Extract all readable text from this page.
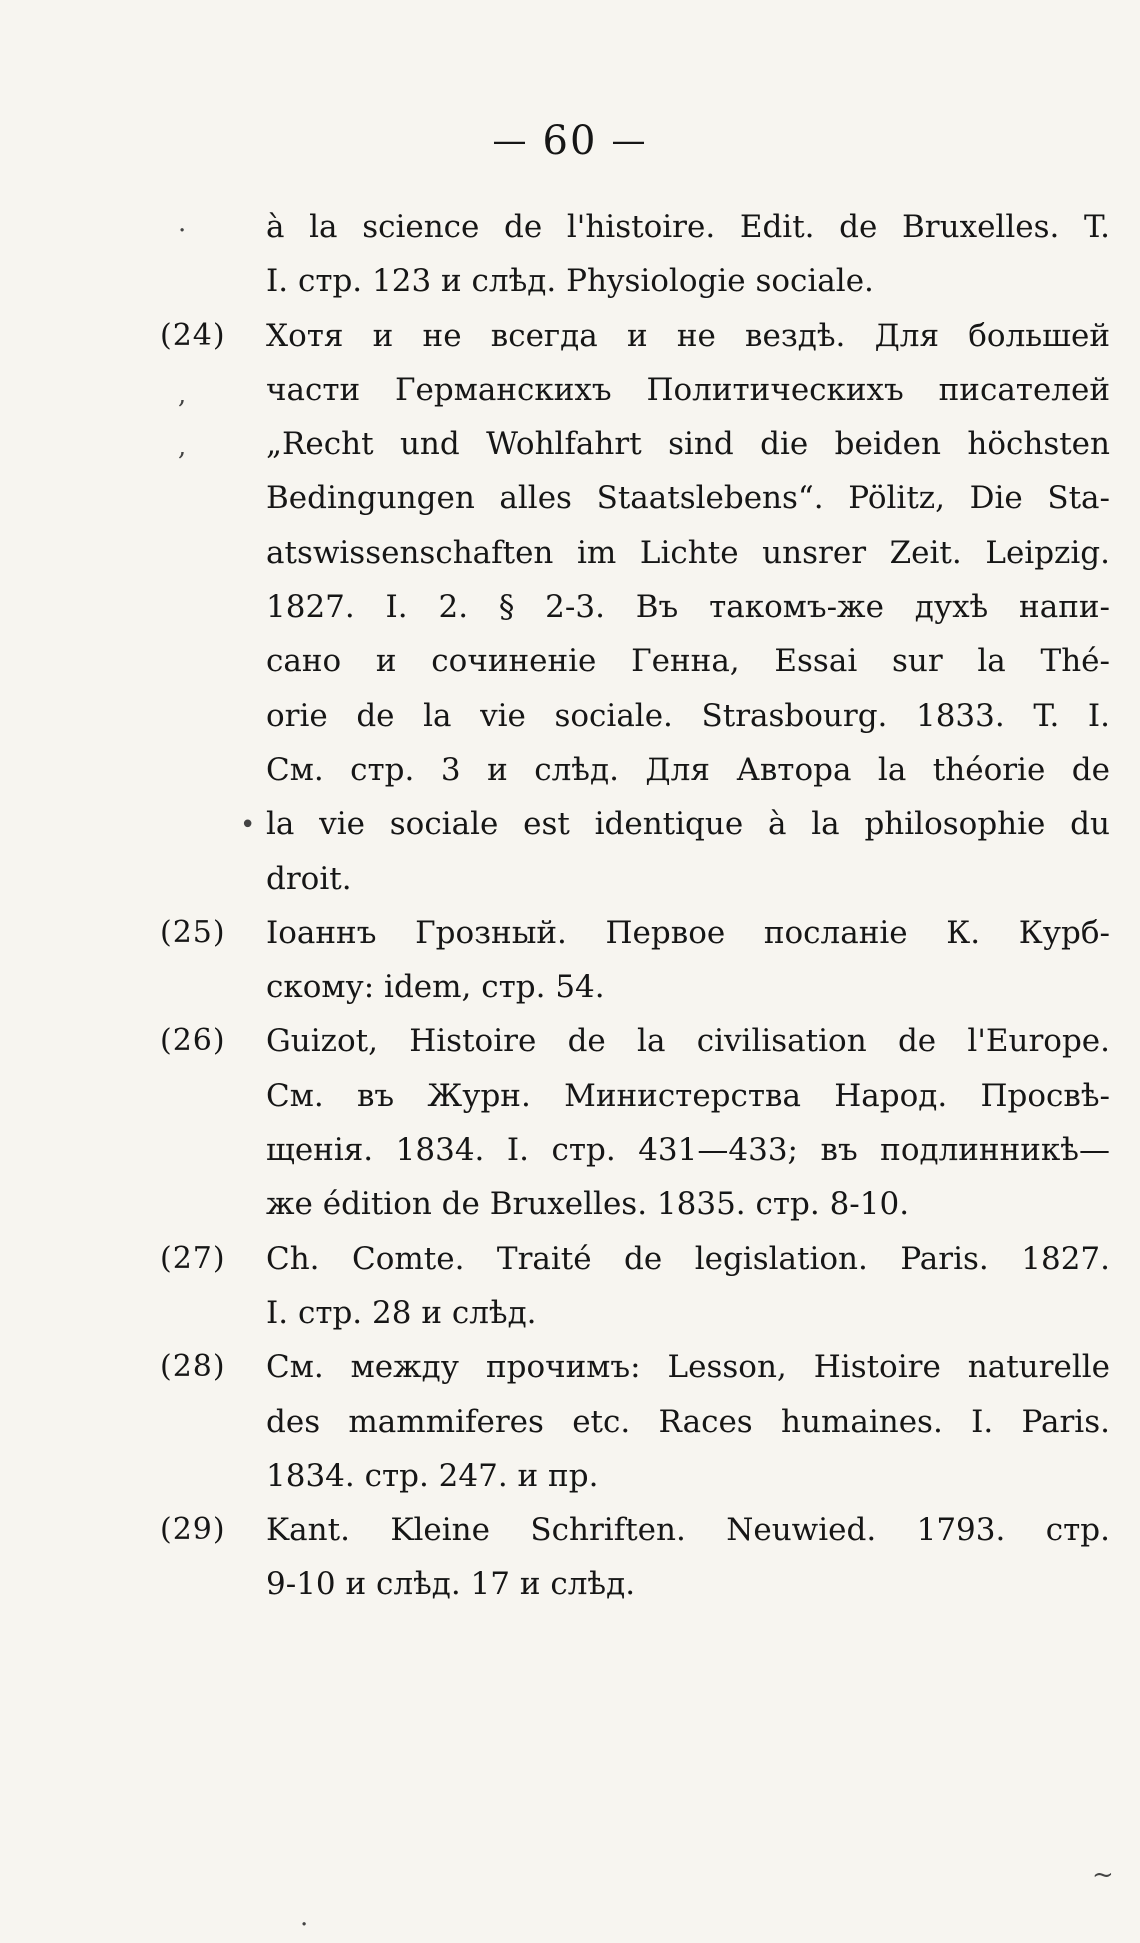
— 60 —
à la science de l'histoire. Edit. de Bruxelles. T.
I. стр. 123 и слѣд. Physiologie sociale.
(24)	Хотя и не всегда и не вездѣ. Для большей
части Германскихъ Политическихъ писателей
„Recht und Wohlfahrt sind die beiden höchsten
Bedingungen alles Staatslebens“. Pölitz, Die Sta-
atswissenschaften im Lichte unsrer Zeit. Leipzig.
1827. I. 2. § 2-3. Въ такомъ-же духѣ напи-
сано и сочиненіе Генна, Essai sur la Thé-
orie de la vie sociale. Strasbourg. 1833. T. I.
См. стр. 3 и слѣд. Для Автора la théorie de
la vie sociale est identique à la philosophie du
droit.
(25)	Іоаннъ Грозный. Первое посланіе К. Курб-
скому: idem, стр. 54.
(26)	Guizot, Histoire de la civilisation de l'Europe.
См. въ Журн. Министерства Народ. Просвѣ-
щенія. 1834. I. стр. 431—433; въ подлинникѣ—
же édition de Bruxelles. 1835. стр. 8-10.
(27)	Ch. Comte. Traité de legislation. Paris. 1827.
I. стр. 28 и слѣд.
(28)	См. между прочимъ: Lesson, Histoire naturelle
des mammiferes etc. Races humaines. I. Paris.
1834. стр. 247. и пр.
(29)	Kant. Kleine Schriften. Neuwied. 1793. стр.
9-10 и слѣд. 17 и слѣд.
·
,
,
•
·
~
